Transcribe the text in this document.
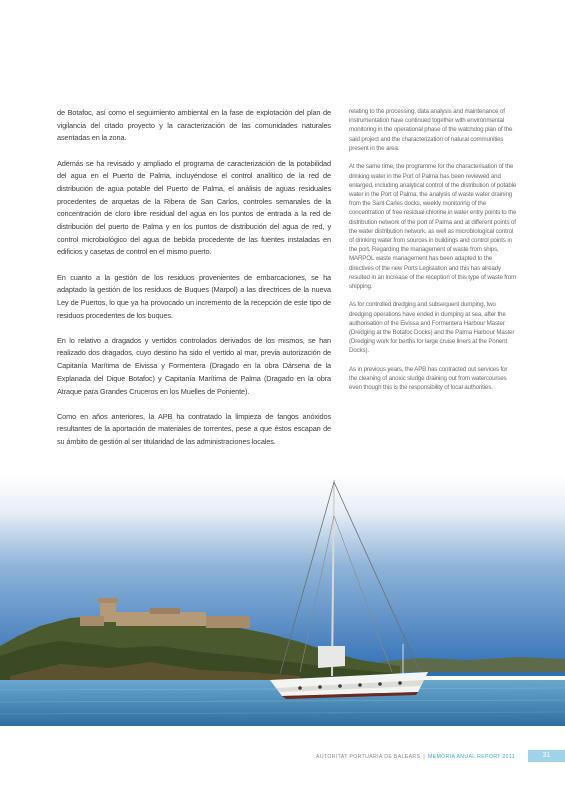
de Botafoc, así como el seguimiento ambiental en la fase de explotación del plan de vigilancia del citado proyecto y la caracterización de las comunidades naturales asentadas en la zona.

Además se ha revisado y ampliado el programa de caracterización de la potabilidad del agua en el Puerto de Palma, incluyéndose el control analítico de la red de distribución de agua potable del Puerto de Palma, el análisis de aguas residuales procedentes de arquetas de la Ribera de San Carlos, controles semanales de la concentración de cloro libre residual del agua en los puntos de entrada a la red de distribución del puerto de Palma y en los puntos de distribución del agua de red, y control microbiológico del agua de bebida procedente de las fuentes instaladas en edificios y casetas de control en el mismo puerto.

En cuanto a la gestión de los residuos provenientes de embarcaciones, se ha adaptado la gestión de los residuos de Buques (Marpol) a las directrices de la nueva Ley de Puertos, lo que ya ha provocado un incremento de la recepción de este tipo de residuos procedentes de los buques.

En lo relativo a dragados y vertidos controlados derivados de los mismos, se han realizado dos dragados, cuyo destino ha sido el vertido al mar, previa autorización de Capitanía Marítima de Eivissa y Formentera (Dragado en la obra Dársena de la Explanada del Dique Botafoc) y Capitanía Marítima de Palma (Dragado en la obra Atraque para Grandes Cruceros en los Muelles de Poniente).

Como en años anteriores, la APB ha contratado la limpieza de fangos anóxidos resultantes de la aportación de materiales de torrentes, pese a que éstos escapan de su ámbito de gestión al ser titularidad de las administraciones locales.

relating to the processing, data analysis and maintenance of instrumentation have continued together with environmental monitoring in the operational phase of the watchdog plan of the said project and the characterization of natural communities present in the area.

At the same time, the programme for the characterisation of the drinking water in the Port of Palma has been reviewed and enlarged, including analytical control of the distribution of potable water in the Port of Palma, the analysis of waste water draining from the Sant Carles docks, weekly monitoring of the concentration of free residual chlorine in water entry points to the distribution network of the port of Palma and at different points of the water distribution network, as well as microbiological control of drinking water from sources in buildings and control points in the port. Regarding the management of waste from ships, MARPOL waste management has been adapted to the directives of the new Ports Legislation and this has already resulted in an increase of the reception of this type of waste from shipping.

As for controlled dredging and subsequent dumping, two dredging operations have ended in dumping at sea, after the authorisation of the Eivissa and Formentera Harbour Master (Dredging at the Botafoc Docks) and the Palma Harbour Master (Dredging work for berths for large cruise liners at the Ponent Docks).

As in previous years, the APB has contracted out services for the cleaning of anoxic sludge draining out from watercourses even though this is the responsibility of local authorities.

AUTORITAT PORTUÀRIA DE BALEARS | MEMÒRIA ANUAL REPORT 2011	31
